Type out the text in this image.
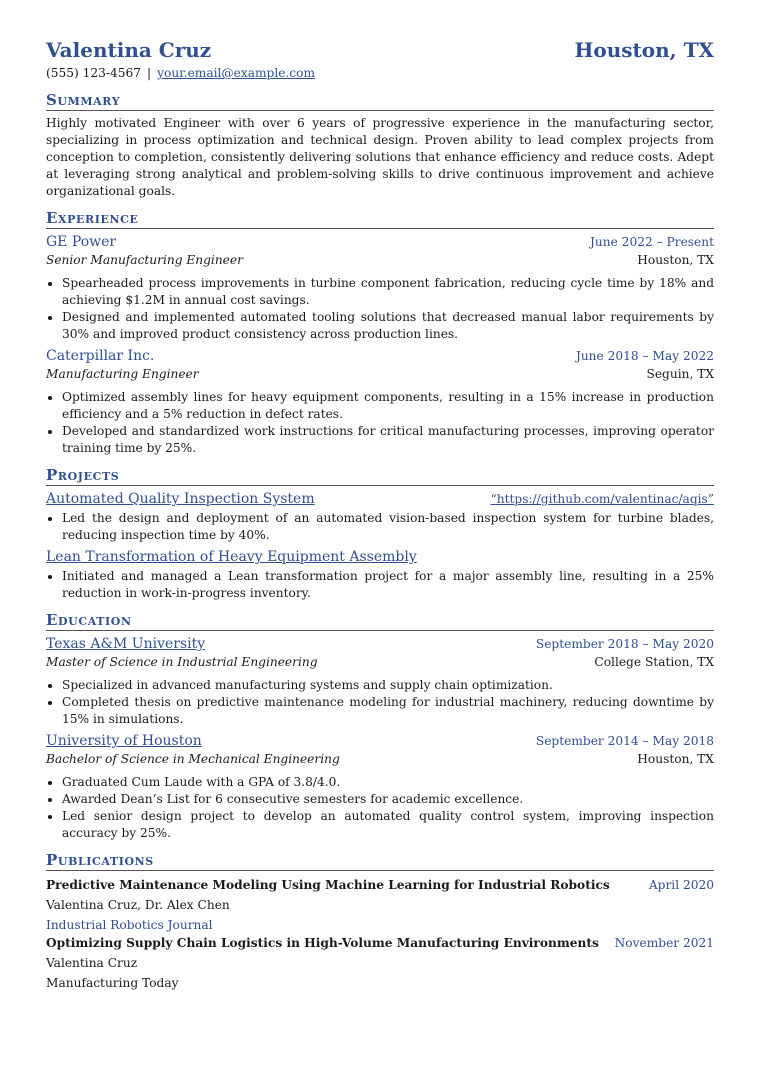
Valentina Cruz	Houston, TX
(555) 123-4567 | your.email@example.com
Summary
Highly motivated Engineer with over 6 years of progressive experience in the manufacturing sector, specializing in process optimization and technical design. Proven ability to lead complex projects from conception to completion, consistently delivering solutions that enhance efficiency and reduce costs. Adept at leveraging strong analytical and problem-solving skills to drive continuous improvement and achieve organizational goals.
Experience
GE Power	June 2022 – Present
Senior Manufacturing Engineer	Houston, TX
• Spearheaded process improvements in turbine component fabrication, reducing cycle time by 18% and achieving $1.2M in annual cost savings.
• Designed and implemented automated tooling solutions that decreased manual labor requirements by 30% and improved product consistency across production lines.
Caterpillar Inc.	June 2018 – May 2022
Manufacturing Engineer	Seguin, TX
• Optimized assembly lines for heavy equipment components, resulting in a 15% increase in production efficiency and a 5% reduction in defect rates.
• Developed and standardized work instructions for critical manufacturing processes, improving operator training time by 25%.
Projects
Automated Quality Inspection System	“https://github.com/valentinac/aqis”
• Led the design and deployment of an automated vision-based inspection system for turbine blades, reducing inspection time by 40%.
Lean Transformation of Heavy Equipment Assembly
• Initiated and managed a Lean transformation project for a major assembly line, resulting in a 25% reduction in work-in-progress inventory.
Education
Texas A&M University	September 2018 – May 2020
Master of Science in Industrial Engineering	College Station, TX
• Specialized in advanced manufacturing systems and supply chain optimization.
• Completed thesis on predictive maintenance modeling for industrial machinery, reducing downtime by 15% in simulations.
University of Houston	September 2014 – May 2018
Bachelor of Science in Mechanical Engineering	Houston, TX
• Graduated Cum Laude with a GPA of 3.8/4.0.
• Awarded Dean’s List for 6 consecutive semesters for academic excellence.
• Led senior design project to develop an automated quality control system, improving inspection accuracy by 25%.
Publications
Predictive Maintenance Modeling Using Machine Learning for Industrial Robotics	April 2020
Valentina Cruz, Dr. Alex Chen
Industrial Robotics Journal
Optimizing Supply Chain Logistics in High-Volume Manufacturing Environments November 2021
Valentina Cruz
Manufacturing Today
